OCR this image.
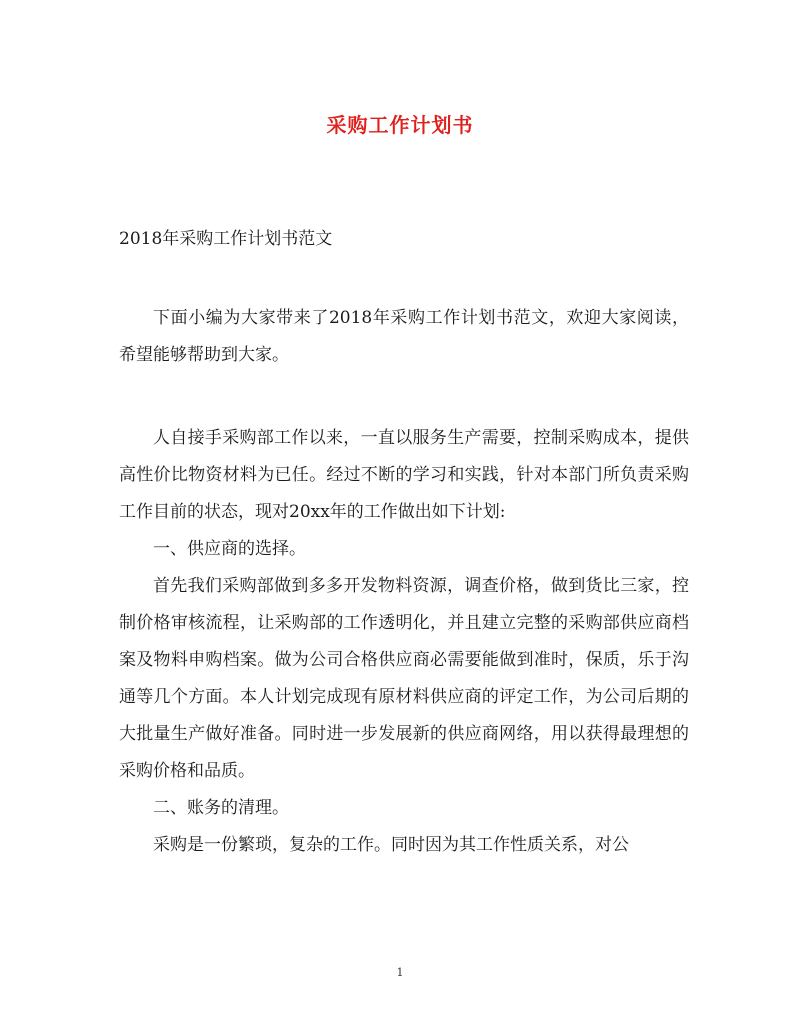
采购工作计划书
2018年采购工作计划书范文

下面小编为大家带来了2018年采购工作计划书范文，欢迎大家阅读，希望能够帮助到大家。

人自接手采购部工作以来，一直以服务生产需要，控制采购成本，提供高性价比物资材料为已任。经过不断的学习和实践，针对本部门所负责采购工作目前的状态，现对20xx年的工作做出如下计划:

一、供应商的选择。

首先我们采购部做到多多开发物料资源，调查价格，做到货比三家，控制价格审核流程，让采购部的工作透明化，并且建立完整的采购部供应商档案及物料申购档案。做为公司合格供应商必需要能做到准时，保质，乐于沟通等几个方面。本人计划完成现有原材料供应商的评定工作，为公司后期的大批量生产做好准备。同时进一步发展新的供应商网络，用以获得最理想的采购价格和品质。

二、账务的清理。

采购是一份繁琐，复杂的工作。同时因为其工作性质关系，对公

1
